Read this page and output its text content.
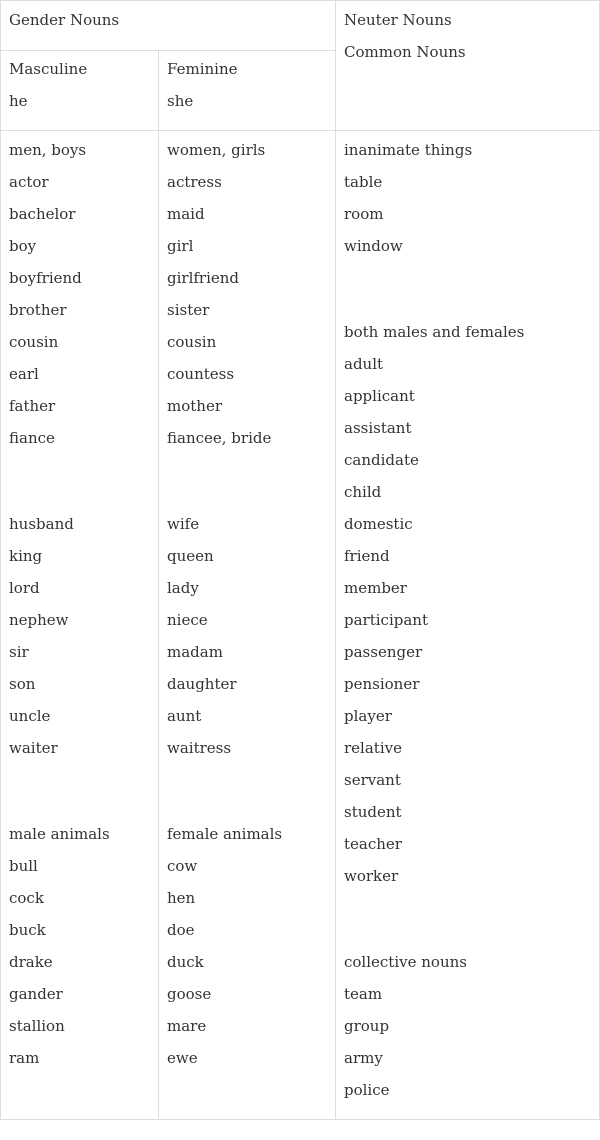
Gender Nouns	Neuter Nouns
Common Nouns
Masculine
he
Feminine
she
men, boys
actor
bachelor
boy
boyfriend
brother
cousin
earl
father
fiance
husband
king
lord
nephew
sir
son
uncle
waiter
male animals
bull
cock
buck
drake
gander
stallion
ram
women, girls
actress
maid
girl
girlfriend
sister
cousin
countess
mother
fiancee, bride
wife
queen
lady
niece
madam
daughter
aunt
waitress
female animals
cow
hen
doe
duck
goose
mare
ewe
inanimate things
table
room
window
both males and females
adult
applicant
assistant
candidate
child
domestic
friend
member
participant
passenger
pensioner
player
relative
servant
student
teacher
worker
collective nouns
team
group
army
police
